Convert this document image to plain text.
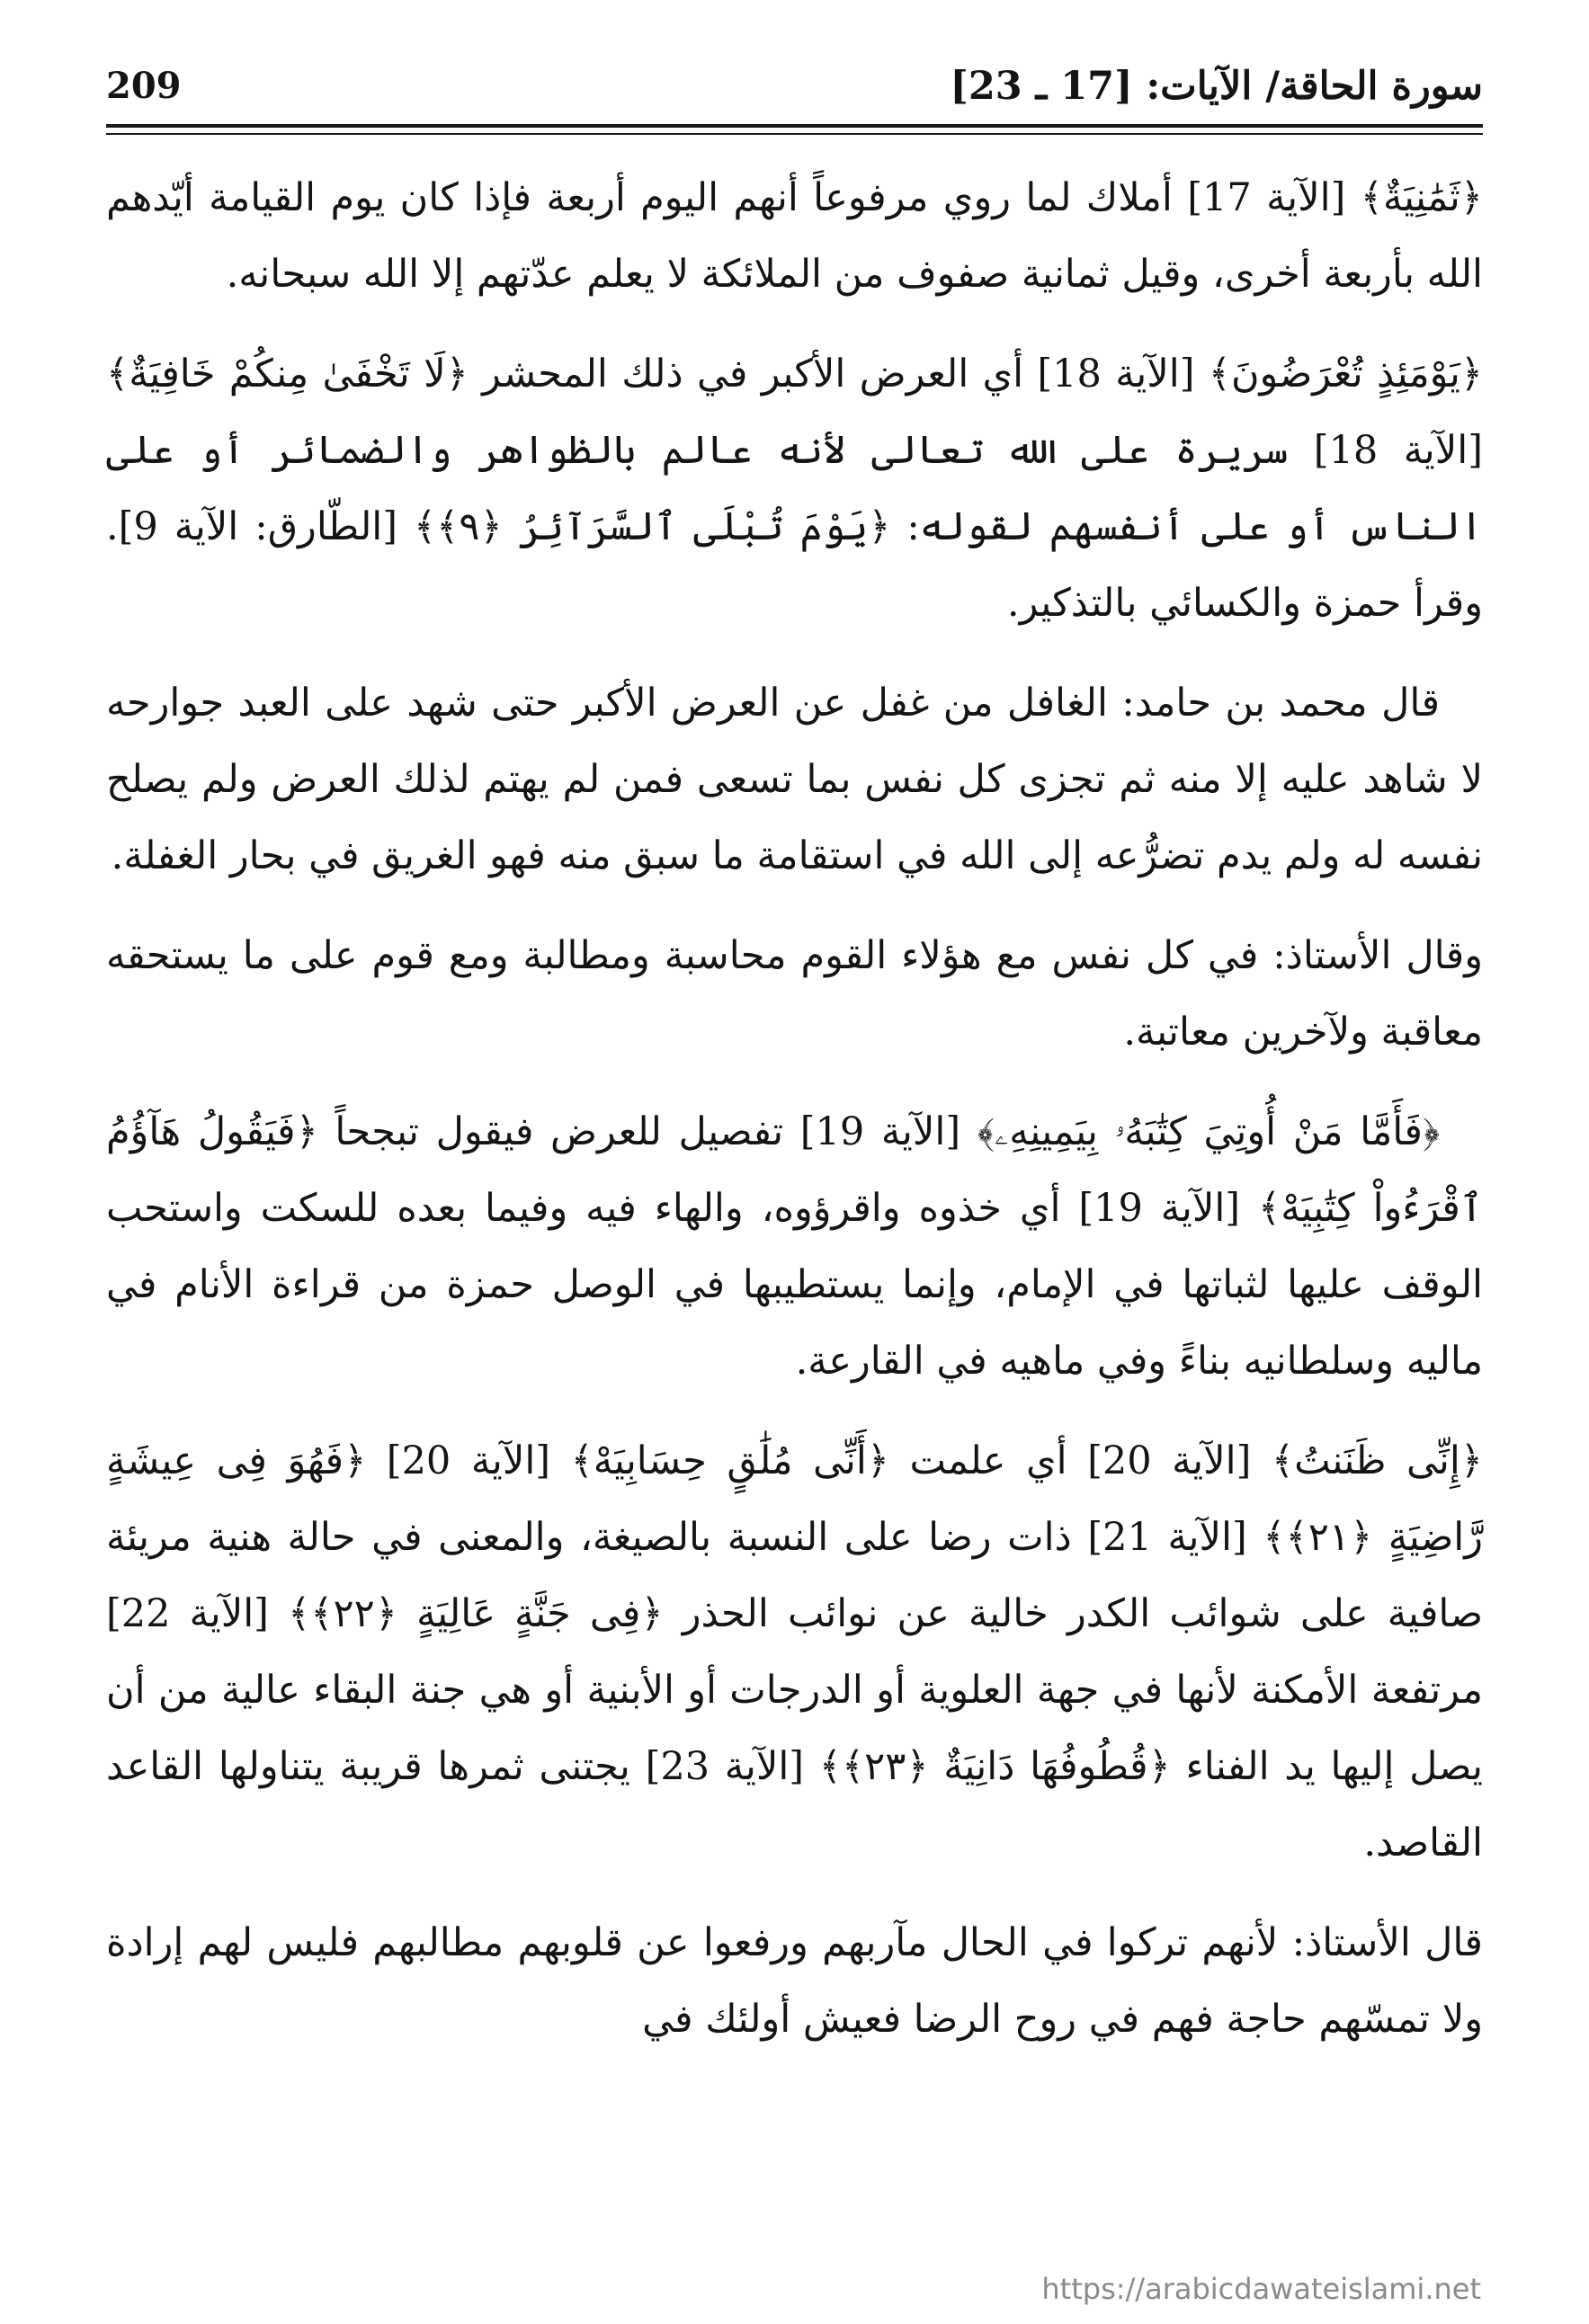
سورة الحاقة/ الآيات: [17 ـ 23]
209

﴿ثَمَٰنِيَةٌ﴾ [الآية 17] أملاك لما روي مرفوعاً أنهم اليوم أربعة فإذا كان يوم القيامة أيّدهم الله بأربعة أخرى، وقيل ثمانية صفوف من الملائكة لا يعلم عدّتهم إلا الله سبحانه.

﴿يَوْمَئِذٍ تُعْرَضُونَ﴾ [الآية 18] أي العرض الأكبر في ذلك المحشر ﴿لَا تَخْفَىٰ مِنكُمْ خَافِيَةٌ﴾ [الآية 18] سريرة على الله تعالى لأنه عالم بالظواهر والضمائر أو على الناس أو على أنفسهم لقوله: ﴿يَوْمَ تُبْلَى ٱلسَّرَآئِرُ ﴿٩﴾﴾ [الطّارق: الآية 9]. وقرأ حمزة والكسائي بالتذكير.

قال محمد بن حامد: الغافل من غفل عن العرض الأكبر حتى شهد على العبد جوارحه لا شاهد عليه إلا منه ثم تجزى كل نفس بما تسعى فمن لم يهتم لذلك العرض ولم يصلح نفسه له ولم يدم تضرُّعه إلى الله في استقامة ما سبق منه فهو الغريق في بحار الغفلة.

وقال الأستاذ: في كل نفس مع هؤلاء القوم محاسبة ومطالبة ومع قوم على ما يستحقه معاقبة ولآخرين معاتبة.

﴿فَأَمَّا مَنْ أُوتِيَ كِتَٰبَهُۥ بِيَمِينِهِۦ﴾ [الآية 19] تفصيل للعرض فيقول تبجحاً ﴿فَيَقُولُ هَآؤُمُ ٱقْرَءُواْ كِتَٰبِيَهْ﴾ [الآية 19] أي خذوه واقرؤوه، والهاء فيه وفيما بعده للسكت واستحب الوقف عليها لثباتها في الإمام، وإنما يستطيبها في الوصل حمزة من قراءة الأنام في ماليه وسلطانيه بناءً وفي ماهيه في القارعة.

﴿إِنِّى ظَنَنتُ﴾ [الآية 20] أي علمت ﴿أَنِّى مُلَٰقٍ حِسَابِيَهْ﴾ [الآية 20] ﴿فَهُوَ فِى عِيشَةٍ رَّاضِيَةٍ ﴿٢١﴾﴾ [الآية 21] ذات رضا على النسبة بالصيغة، والمعنى في حالة هنية مريئة صافية على شوائب الكدر خالية عن نوائب الحذر ﴿فِى جَنَّةٍ عَالِيَةٍ ﴿٢٢﴾﴾ [الآية 22] مرتفعة الأمكنة لأنها في جهة العلوية أو الدرجات أو الأبنية أو هي جنة البقاء عالية من أن يصل إليها يد الفناء ﴿قُطُوفُهَا دَانِيَةٌ ﴿٢٣﴾﴾ [الآية 23] يجتنى ثمرها قريبة يتناولها القاعد القاصد.

قال الأستاذ: لأنهم تركوا في الحال مآربهم ورفعوا عن قلوبهم مطالبهم فليس لهم إرادة ولا تمسّهم حاجة فهم في روح الرضا فعيش أولئك في

https://arabicdawateislami.net
